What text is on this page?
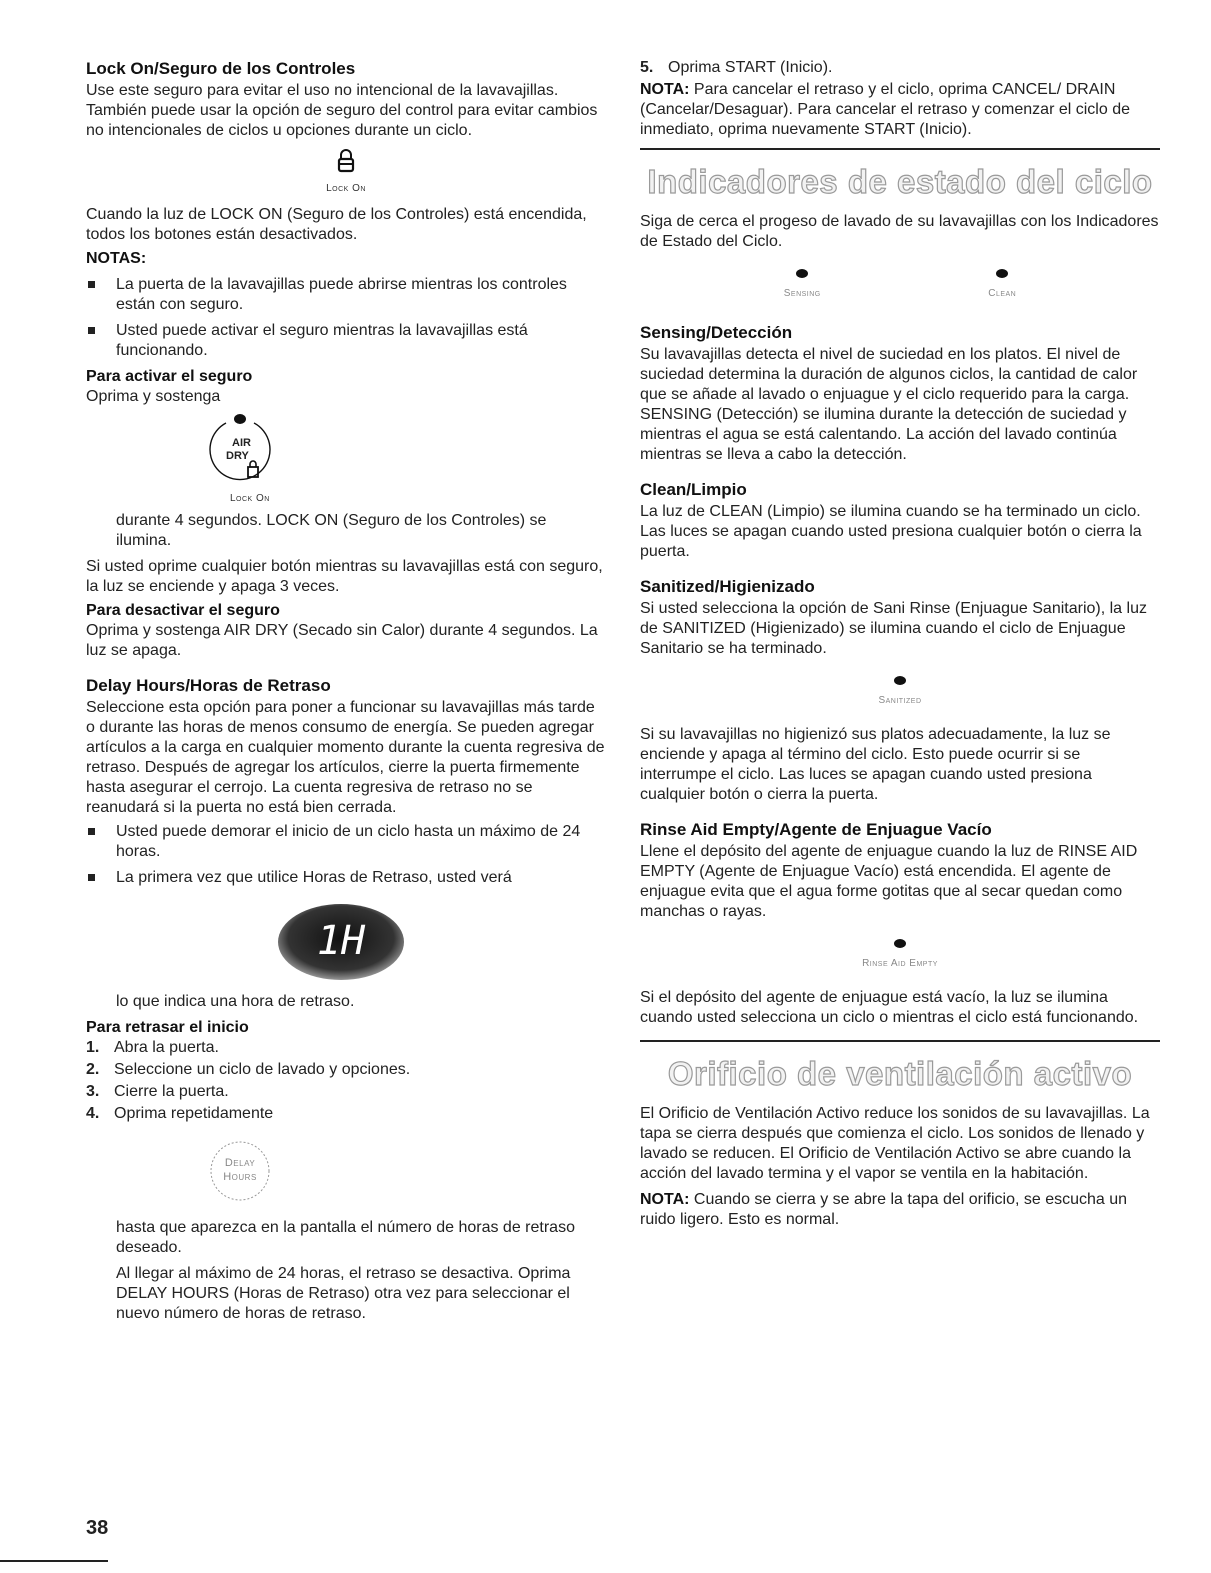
Lock On/Seguro de los Controles

Use este seguro para evitar el uso no intencional de la lavavajillas. También puede usar la opción de seguro del control para evitar cambios no intencionales de ciclos u opciones durante un ciclo.

Lock On

Cuando la luz de LOCK ON (Seguro de los Controles) está encendida, todos los botones están desactivados.

NOTAS:

La puerta de la lavavajillas puede abrirse mientras los controles están con seguro.
Usted puede activar el seguro mientras la lavavajillas está funcionando.

Para activar el seguro

Oprima y sostenga

AIR
DRY
Lock On

durante 4 segundos. LOCK ON (Seguro de los Controles) se ilumina.

Si usted oprime cualquier botón mientras su lavavajillas está con seguro, la luz se enciende y apaga 3 veces.

Para desactivar el seguro

Oprima y sostenga AIR DRY (Secado sin Calor) durante 4 segundos. La luz se apaga.

Delay Hours/Horas de Retraso

Seleccione esta opción para poner a funcionar su lavavajillas más tarde o durante las horas de menos consumo de energía. Se pueden agregar artículos a la carga en cualquier momento durante la cuenta regresiva de retraso. Después de agregar los artículos, cierre la puerta firmemente hasta asegurar el cerrojo. La cuenta regresiva de retraso no se reanudará si la puerta no está bien cerrada.

Usted puede demorar el inicio de un ciclo hasta un máximo de 24 horas.
La primera vez que utilice Horas de Retraso, usted verá
1H

lo que indica una hora de retraso.

Para retrasar el inicio

1. Abra la puerta.
2. Seleccione un ciclo de lavado y opciones.
3. Cierre la puerta.
4. Oprima repetidamente
Delay
Hours

hasta que aparezca en la pantalla el número de horas de retraso deseado.

Al llegar al máximo de 24 horas, el retraso se desactiva. Oprima DELAY HOURS (Horas de Retraso) otra vez para seleccionar el nuevo número de horas de retraso.

5. Oprima START (Inicio).

NOTA: Para cancelar el retraso y el ciclo, oprima CANCEL/ DRAIN (Cancelar/Desaguar). Para cancelar el retraso y comenzar el ciclo de inmediato, oprima nuevamente START (Inicio).

Indicadores de estado del ciclo

Siga de cerca el progeso de lavado de su lavavajillas con los Indicadores de Estado del Ciclo.

Sensing	Clean
Sensing/Detección

Su lavavajillas detecta el nivel de suciedad en los platos. El nivel de suciedad determina la duración de algunos ciclos, la cantidad de calor que se añade al lavado o enjuague y el ciclo requerido para la carga. SENSING (Detección) se ilumina durante la detección de suciedad y mientras el agua se está calentando. La acción del lavado continúa mientras se lleva a cabo la detección.

Clean/Limpio

La luz de CLEAN (Limpio) se ilumina cuando se ha terminado un ciclo. Las luces se apagan cuando usted presiona cualquier botón o cierra la puerta.

Sanitized/Higienizado

Si usted selecciona la opción de Sani Rinse (Enjuague Sanitario), la luz de SANITIZED (Higienizado) se ilumina cuando el ciclo de Enjuague Sanitario se ha terminado.

Sanitized

Si su lavavajillas no higienizó sus platos adecuadamente, la luz se enciende y apaga al término del ciclo. Esto puede ocurrir si se interrumpe el ciclo. Las luces se apagan cuando usted presiona cualquier botón o cierra la puerta.

Rinse Aid Empty/Agente de Enjuague Vacío

Llene el depósito del agente de enjuague cuando la luz de RINSE AID EMPTY (Agente de Enjuague Vacío) está encendida. El agente de enjuague evita que el agua forme gotitas que al secar quedan como manchas o rayas.

Rinse Aid Empty

Si el depósito del agente de enjuague está vacío, la luz se ilumina cuando usted selecciona un ciclo o mientras el ciclo está funcionando.

Orificio de ventilación activo

El Orificio de Ventilación Activo reduce los sonidos de su lavavajillas. La tapa se cierra después que comienza el ciclo. Los sonidos de llenado y lavado se reducen. El Orificio de Ventilación Activo se abre cuando la acción del lavado termina y el vapor se ventila en la habitación.

NOTA: Cuando se cierra y se abre la tapa del orificio, se escucha un ruido ligero. Esto es normal.

38
